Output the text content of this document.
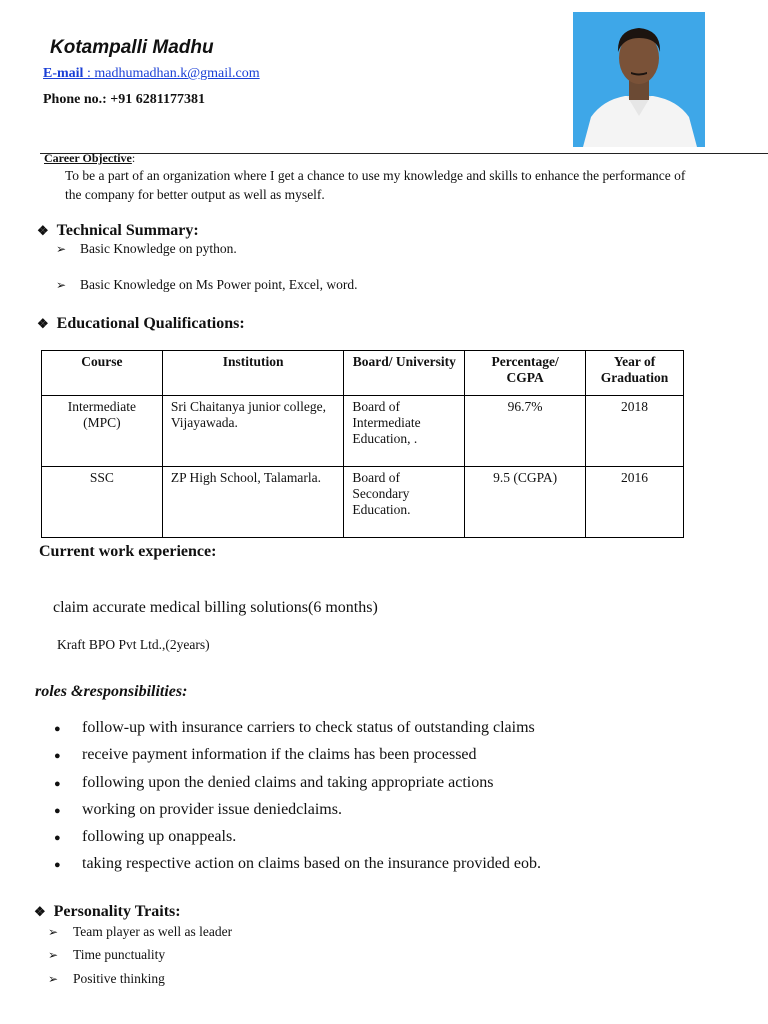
Kotampalli Madhu
E-mail : madhumadhan.k@gmail.com
Phone no.: +91 6281177381
Career Objective:
To be a part of an organization where I get a chance to use my knowledge and skills to enhance the performance of the company for better output as well as myself.
❖ Technical Summary:
➢ Basic Knowledge on python.
➢ Basic Knowledge on Ms Power point, Excel, word.
❖ Educational Qualifications:
Course	Institution	Board/ University	Percentage/ CGPA	Year of Graduation
Intermediate (MPC)	Sri Chaitanya junior college, Vijayawada.	Board of Intermediate Education, .	96.7%	2018
SSC	ZP High School, Talamarla.	Board of Secondary Education.	9.5 (CGPA)	2016
Current work experience:
claim accurate medical billing solutions(6 months)
Kraft BPO Pvt Ltd.,(2years)
roles &responsibilities:
● follow-up with insurance carriers to check status of outstanding claims
● receive payment information if the claims has been processed
● following upon the denied claims and taking appropriate actions
● working on provider issue deniedclaims.
● following up onappeals.
● taking respective action on claims based on the insurance provided eob.
❖ Personality Traits:
➢ Team player as well as leader
➢ Time punctuality
➢ Positive thinking
